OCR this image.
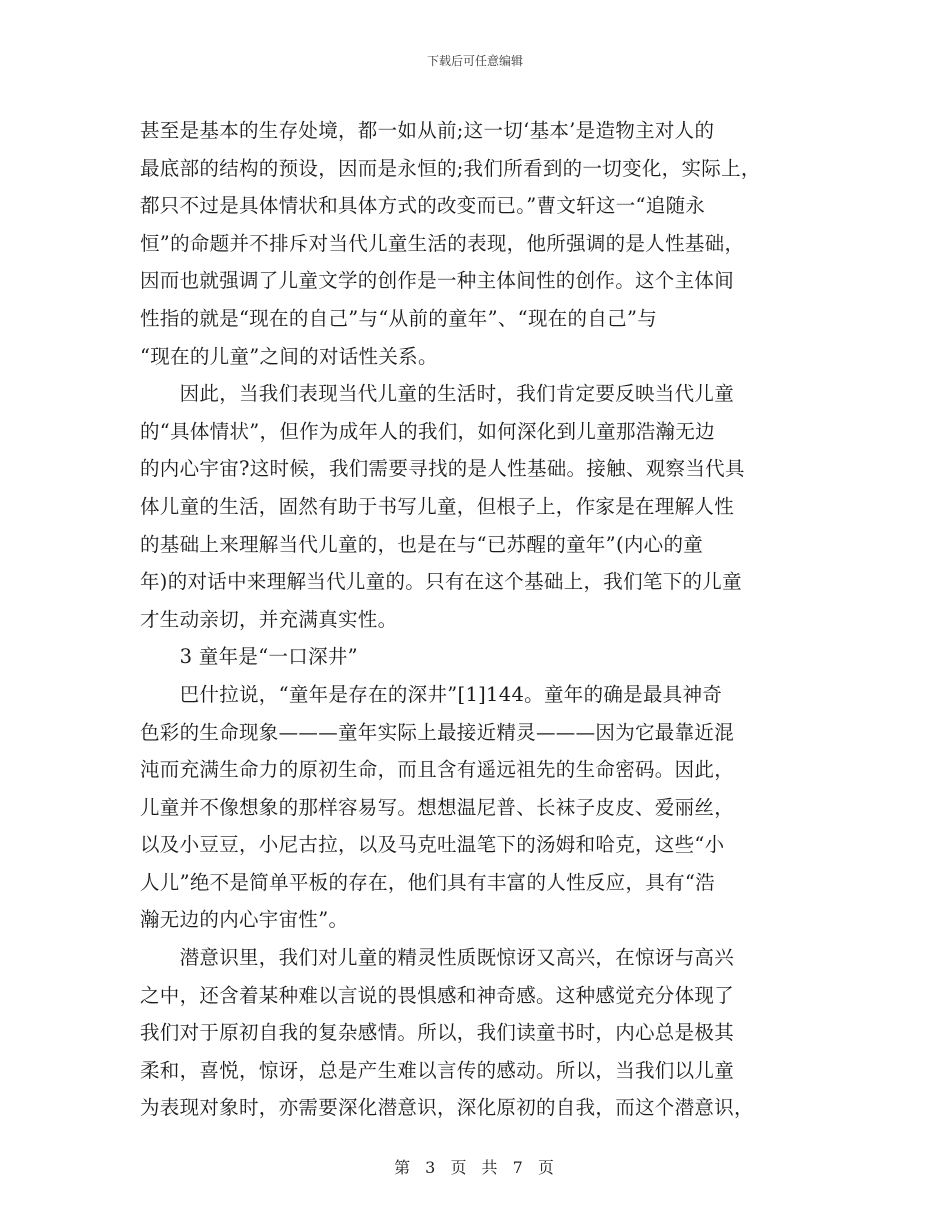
下载后可任意编辑
甚至是基本的生存处境，都一如从前;这一切‘基本’是造物主对人的
最底部的结构的预设，因而是永恒的;我们所看到的一切变化，实际上，
都只不过是具体情状和具体方式的改变而已。”曹文轩这一“追随永
恒”的命题并不排斥对当代儿童生活的表现，他所强调的是人性基础，
因而也就强调了儿童文学的创作是一种主体间性的创作。这个主体间
性指的就是“现在的自己”与“从前的童年”、“现在的自己”与
“现在的儿童”之间的对话性关系。
　　因此，当我们表现当代儿童的生活时，我们肯定要反映当代儿童
的“具体情状”，但作为成年人的我们，如何深化到儿童那浩瀚无边
的内心宇宙?这时候，我们需要寻找的是人性基础。接触、观察当代具
体儿童的生活，固然有助于书写儿童，但根子上，作家是在理解人性
的基础上来理解当代儿童的，也是在与“已苏醒的童年”(内心的童
年)的对话中来理解当代儿童的。只有在这个基础上，我们笔下的儿童
才生动亲切，并充满真实性。
　　3 童年是“一口深井”
　　巴什拉说，“童年是存在的深井”[1]144。童年的确是最具神奇
色彩的生命现象———童年实际上最接近精灵———因为它最靠近混
沌而充满生命力的原初生命，而且含有遥远祖先的生命密码。因此，
儿童并不像想象的那样容易写。想想温尼普、长袜子皮皮、爱丽丝，
以及小豆豆，小尼古拉，以及马克吐温笔下的汤姆和哈克，这些“小
人儿”绝不是简单平板的存在，他们具有丰富的人性反应，具有“浩
瀚无边的内心宇宙性”。
　　潜意识里，我们对儿童的精灵性质既惊讶又高兴，在惊讶与高兴
之中，还含着某种难以言说的畏惧感和神奇感。这种感觉充分体现了
我们对于原初自我的复杂感情。所以，我们读童书时，内心总是极其
柔和，喜悦，惊讶，总是产生难以言传的感动。所以，当我们以儿童
为表现对象时，亦需要深化潜意识，深化原初的自我，而这个潜意识，
第 3 页 共 7 页
